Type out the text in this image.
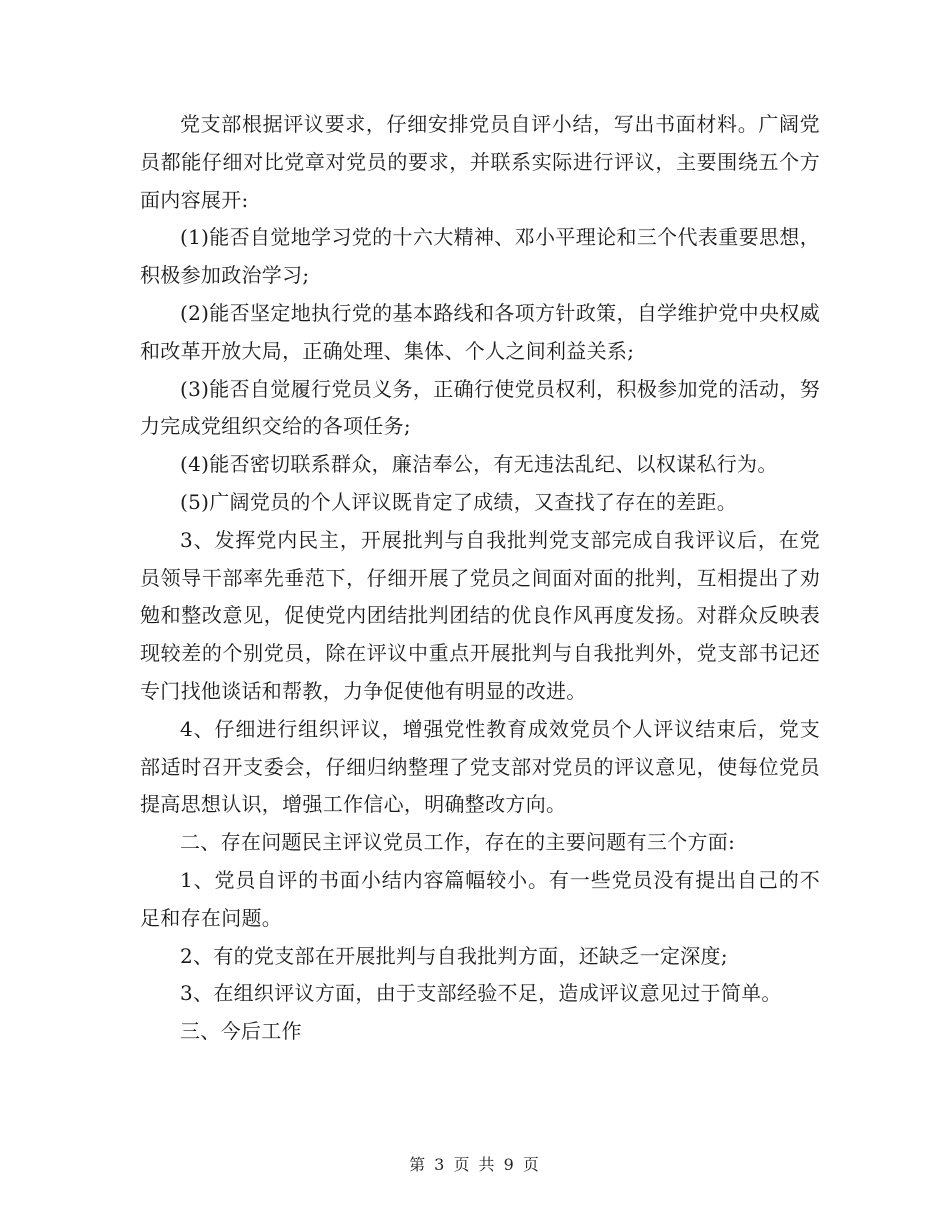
党支部根据评议要求，仔细安排党员自评小结，写出书面材料。广阔党员都能仔细对比党章对党员的要求，并联系实际进行评议，主要围绕五个方面内容展开:

(1)能否自觉地学习党的十六大精神、邓小平理论和三个代表重要思想，积极参加政治学习;

(2)能否坚定地执行党的基本路线和各项方针政策，自学维护党中央权威和改革开放大局，正确处理、集体、个人之间利益关系;

(3)能否自觉履行党员义务，正确行使党员权利，积极参加党的活动，努力完成党组织交给的各项任务;

(4)能否密切联系群众，廉洁奉公，有无违法乱纪、以权谋私行为。

(5)广阔党员的个人评议既肯定了成绩，又查找了存在的差距。

3、发挥党内民主，开展批判与自我批判党支部完成自我评议后，在党员领导干部率先垂范下，仔细开展了党员之间面对面的批判，互相提出了劝勉和整改意见，促使党内团结批判团结的优良作风再度发扬。对群众反映表现较差的个别党员，除在评议中重点开展批判与自我批判外，党支部书记还专门找他谈话和帮教，力争促使他有明显的改进。

4、仔细进行组织评议，增强党性教育成效党员个人评议结束后，党支部适时召开支委会，仔细归纳整理了党支部对党员的评议意见，使每位党员提高思想认识，增强工作信心，明确整改方向。

二、存在问题民主评议党员工作，存在的主要问题有三个方面:

1、党员自评的书面小结内容篇幅较小。有一些党员没有提出自己的不足和存在问题。

2、有的党支部在开展批判与自我批判方面，还缺乏一定深度;

3、在组织评议方面，由于支部经验不足，造成评议意见过于简单。

三、今后工作

第 3 页 共 9 页
